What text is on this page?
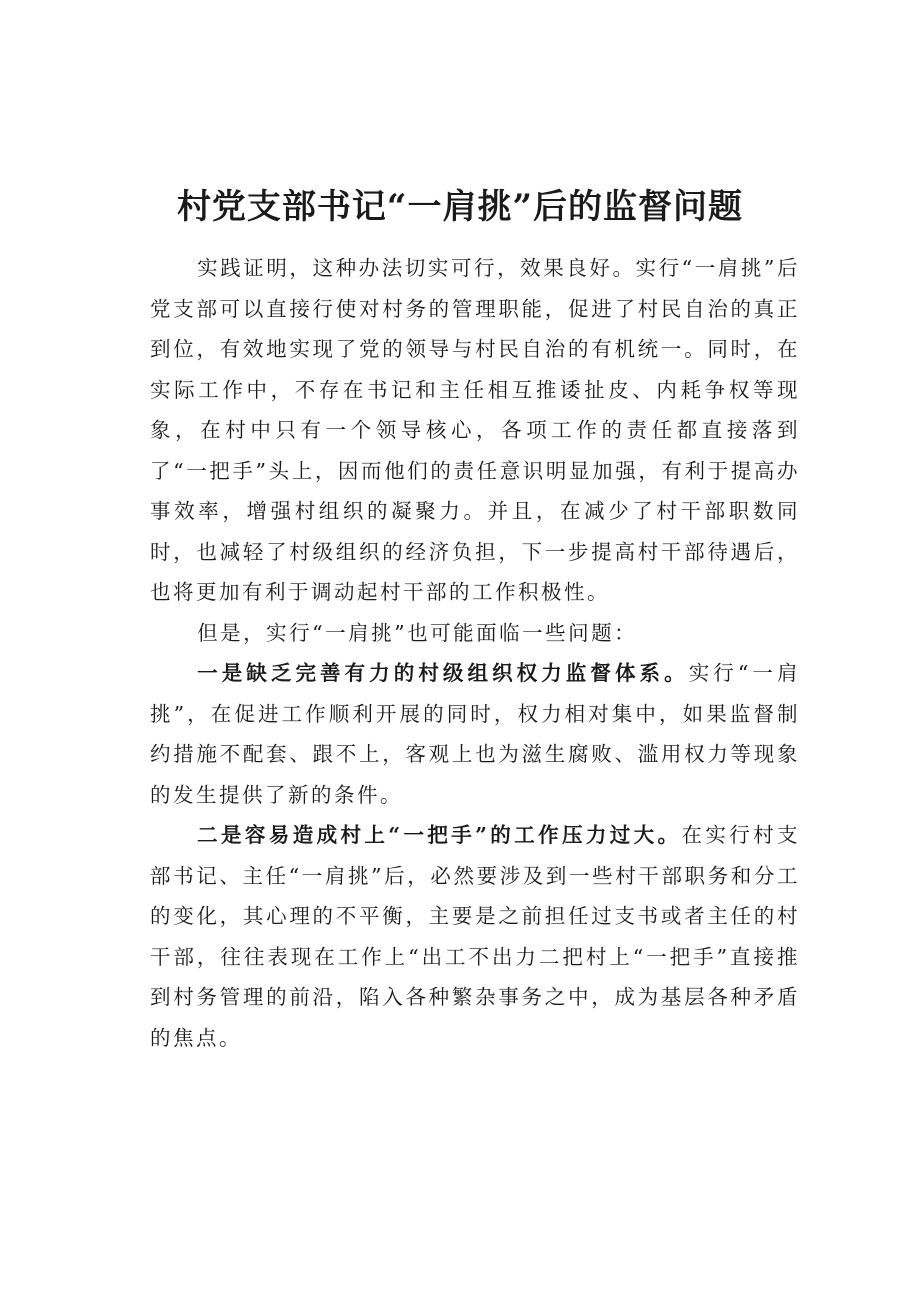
村党支部书记“一肩挑”后的监督问题

实践证明，这种办法切实可行，效果良好。实行“一肩挑”后党支部可以直接行使对村务的管理职能，促进了村民自治的真正到位，有效地实现了党的领导与村民自治的有机统一。同时，在实际工作中，不存在书记和主任相互推诿扯皮、内耗争权等现象，在村中只有一个领导核心，各项工作的责任都直接落到了“一把手”头上，因而他们的责任意识明显加强，有利于提高办事效率，增强村组织的凝聚力。并且，在减少了村干部职数同时，也减轻了村级组织的经济负担，下一步提高村干部待遇后，也将更加有利于调动起村干部的工作积极性。

但是，实行“一肩挑”也可能面临一些问题：

一是缺乏完善有力的村级组织权力监督体系。实行“一肩挑”，在促进工作顺利开展的同时，权力相对集中，如果监督制约措施不配套、跟不上，客观上也为滋生腐败、滥用权力等现象的发生提供了新的条件。

二是容易造成村上“一把手”的工作压力过大。在实行村支部书记、主任“一肩挑”后，必然要涉及到一些村干部职务和分工的变化，其心理的不平衡，主要是之前担任过支书或者主任的村干部，往往表现在工作上“出工不出力二把村上“一把手”直接推到村务管理的前沿，陷入各种繁杂事务之中，成为基层各种矛盾的焦点。
